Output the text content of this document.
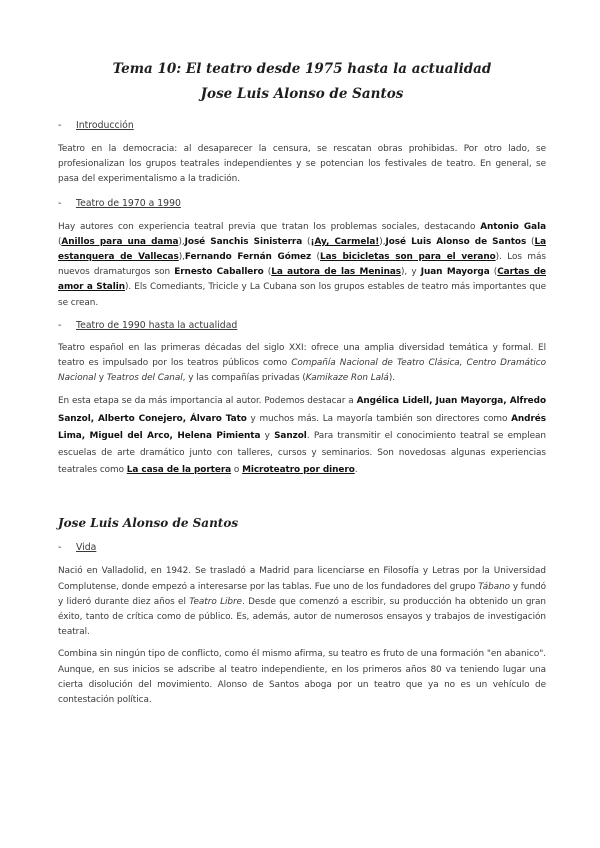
Tema 10: El teatro desde 1975 hasta la actualidad
Jose Luis Alonso de Santos

- Introducción

Teatro en la democracia: al desaparecer la censura, se rescatan obras prohibidas. Por otro lado, se profesionalizan los grupos teatrales independientes y se potencian los festivales de teatro. En general, se pasa del experimentalismo a la tradición.

- Teatro de 1970 a 1990

Hay autores con experiencia teatral previa que tratan los problemas sociales, destacando Antonio Gala (Anillos para una dama),José Sanchis Sinisterra (¡Ay, Carmela!),José Luis Alonso de Santos (La estanquera de Vallecas),Fernando Fernán Gómez (Las bicicletas son para el verano). Los más nuevos dramaturgos son Ernesto Caballero (La autora de las Meninas), y Juan Mayorga (Cartas de amor a Stalin). Els Comediants, Tricicle y La Cubana son los grupos estables de teatro más importantes que se crean.

- Teatro de 1990 hasta la actualidad

Teatro español en las primeras décadas del siglo XXI: ofrece una amplia diversidad temática y formal. El teatro es impulsado por los teatros públicos como Compañía Nacional de Teatro Clásica, Centro Dramático Nacional y Teatros del Canal, y las compañías privadas (Kamikaze Ron Lalá).

En esta etapa se da más importancia al autor. Podemos destacar a Angélica Lidell, Juan Mayorga, Alfredo Sanzol, Alberto Conejero, Álvaro Tato y muchos más. La mayoría también son directores como Andrés Lima, Miguel del Arco, Helena Pimienta y Sanzol. Para transmitir el conocimiento teatral se emplean escuelas de arte dramático junto con talleres, cursos y seminarios. Son novedosas algunas experiencias teatrales como La casa de la portera o Microteatro por dinero.

Jose Luis Alonso de Santos

- Vida

Nació en Valladolid, en 1942. Se trasladó a Madrid para licenciarse en Filosofía y Letras por la Universidad Complutense, donde empezó a interesarse por las tablas. Fue uno de los fundadores del grupo Tábano y fundó y lideró durante diez años el Teatro Libre. Desde que comenzó a escribir, su producción ha obtenido un gran éxito, tanto de crítica como de público. Es, además, autor de numerosos ensayos y trabajos de investigación teatral.

Combina sin ningún tipo de conflicto, como él mismo afirma, su teatro es fruto de una formación "en abanico". Aunque, en sus inicios se adscribe al teatro independiente, en los primeros años 80 va teniendo lugar una cierta disolución del movimiento. Alonso de Santos aboga por un teatro que ya no es un vehículo de contestación política.
